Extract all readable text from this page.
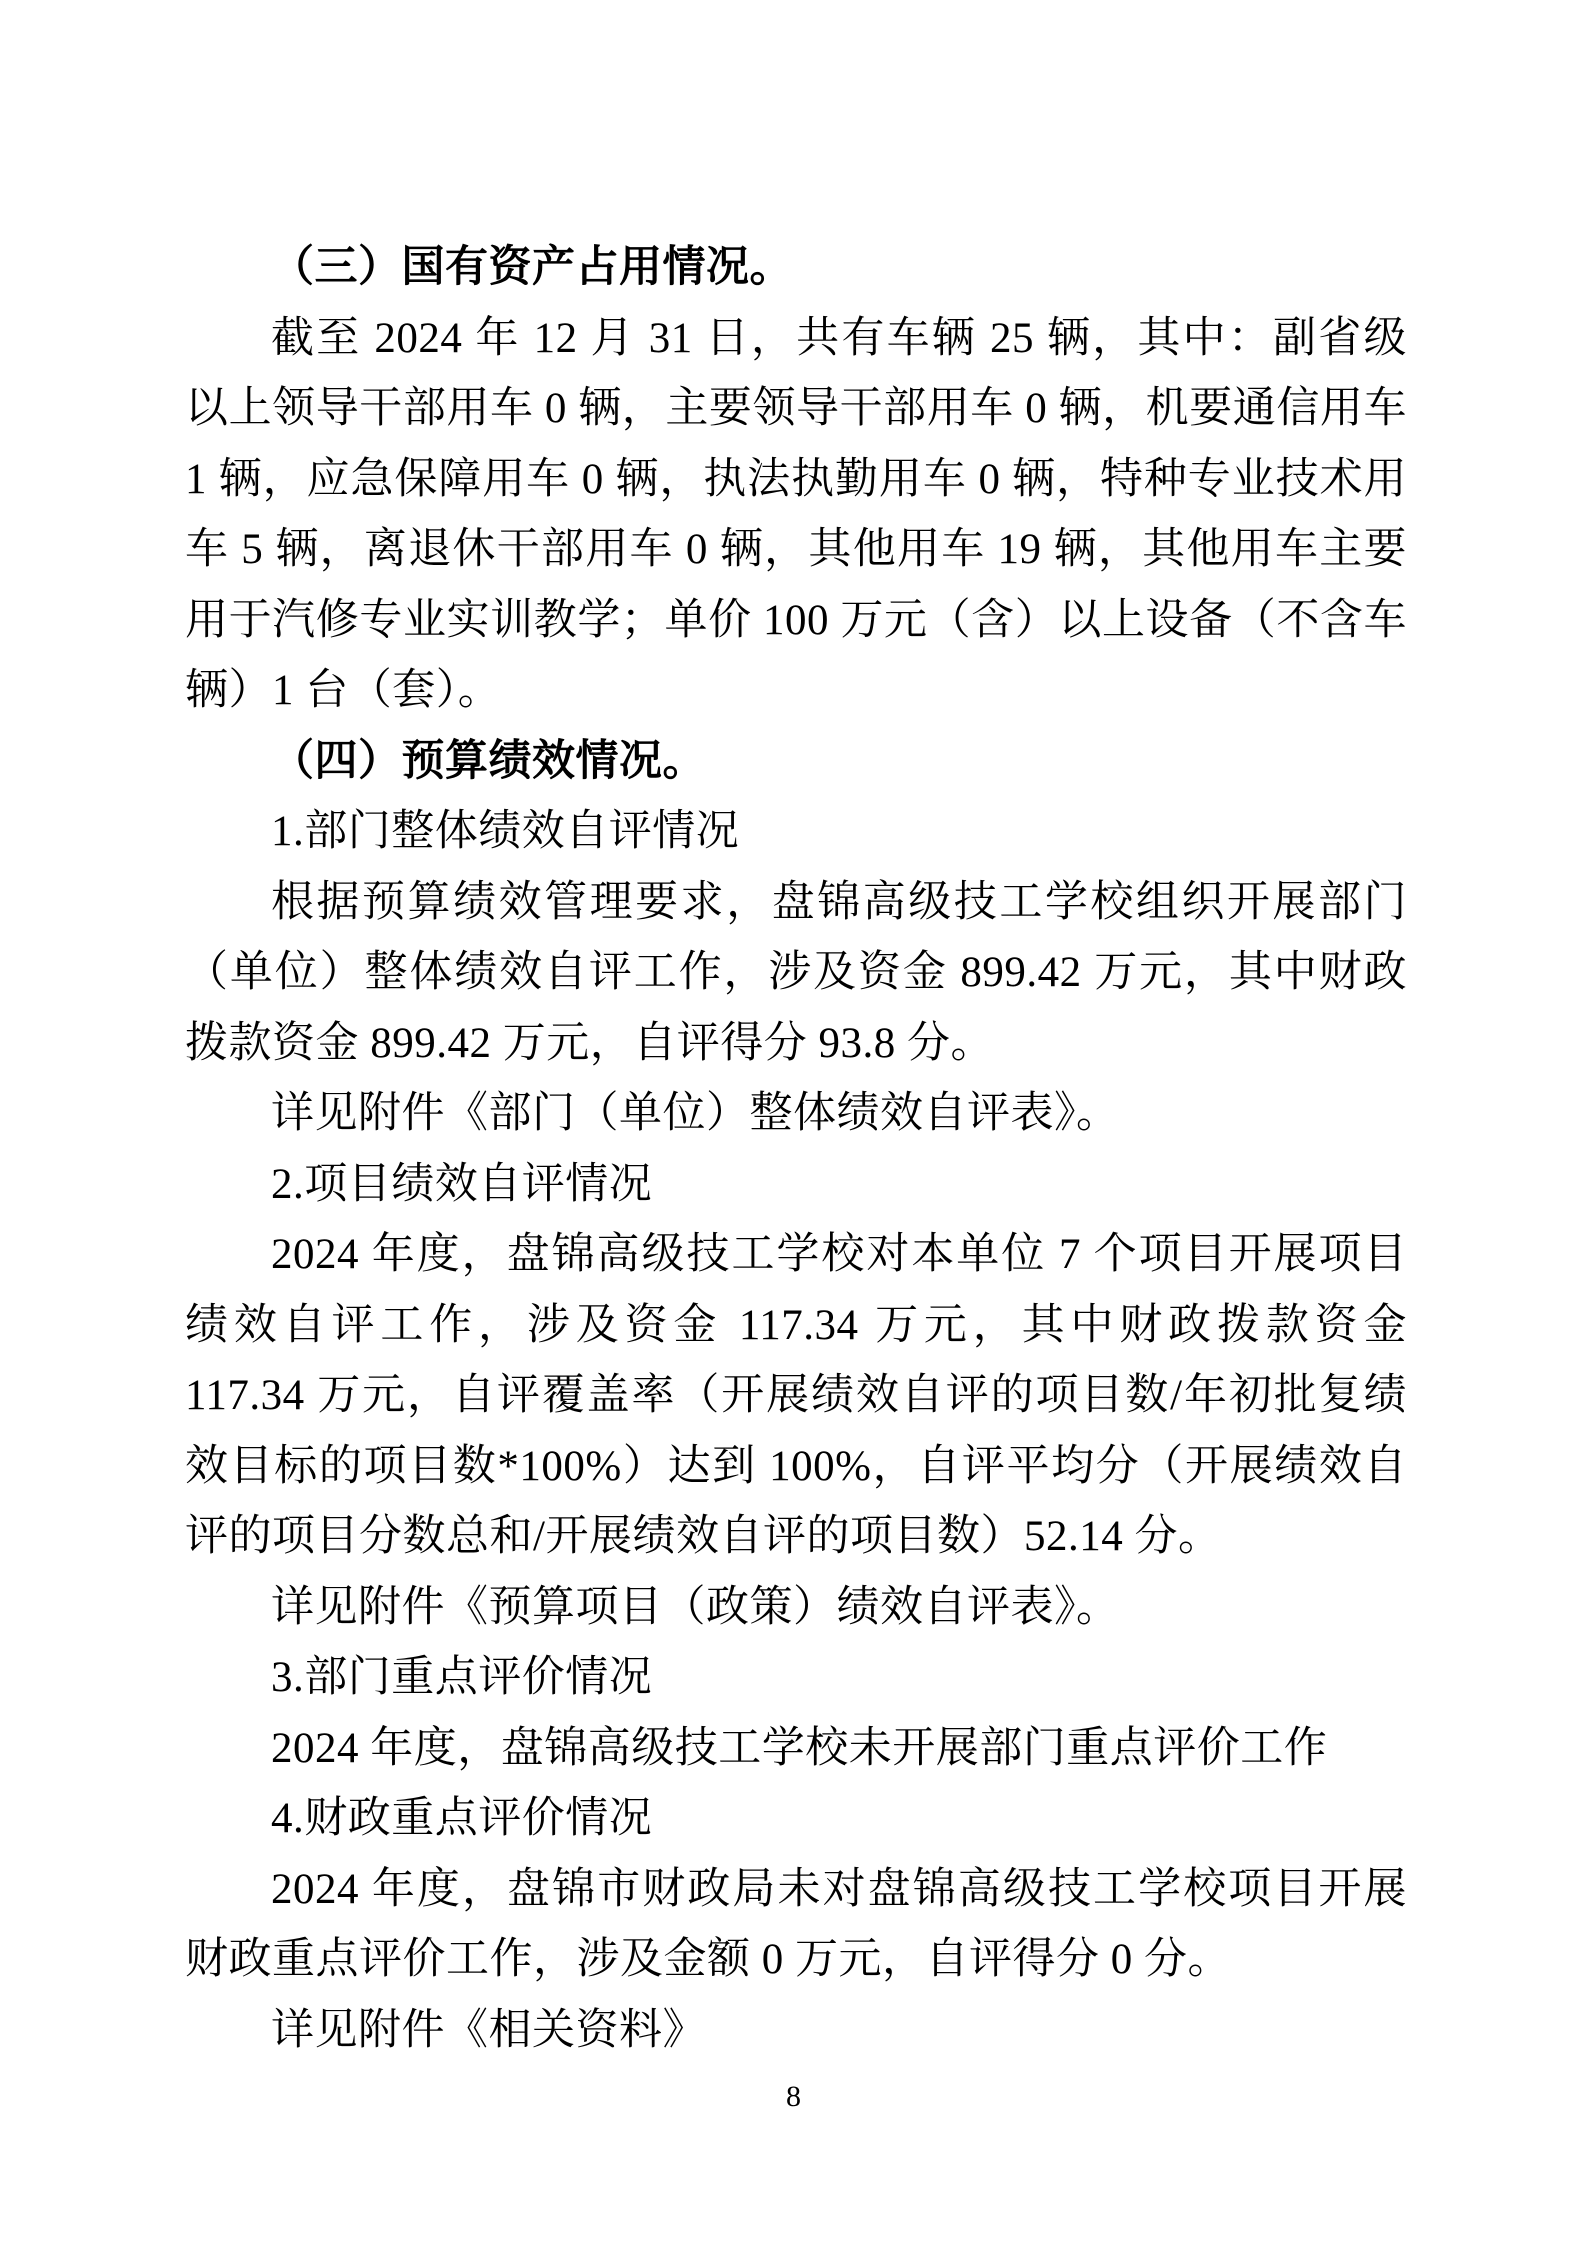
（三）国有资产占用情况。

截至 2024 年 12 月 31 日，共有车辆 25 辆，其中：副省级以上领导干部用车 0 辆，主要领导干部用车 0 辆，机要通信用车 1 辆，应急保障用车 0 辆，执法执勤用车 0 辆，特种专业技术用车 5 辆，离退休干部用车 0 辆，其他用车 19 辆，其他用车主要用于汽修专业实训教学；单价 100 万元（含）以上设备（不含车辆）1 台（套）。

（四）预算绩效情况。

1.部门整体绩效自评情况

根据预算绩效管理要求，盘锦高级技工学校组织开展部门（单位）整体绩效自评工作，涉及资金 899.42 万元，其中财政拨款资金 899.42 万元，自评得分 93.8 分。

详见附件《部门（单位）整体绩效自评表》。

2.项目绩效自评情况

2024 年度，盘锦高级技工学校对本单位 7 个项目开展项目绩效自评工作，涉及资金 117.34 万元，其中财政拨款资金 117.34 万元，自评覆盖率（开展绩效自评的项目数/年初批复绩效目标的项目数*100%）达到 100%，自评平均分（开展绩效自评的项目分数总和/开展绩效自评的项目数）52.14 分。

详见附件《预算项目（政策）绩效自评表》。

3.部门重点评价情况

2024 年度，盘锦高级技工学校未开展部门重点评价工作

4.财政重点评价情况

2024 年度，盘锦市财政局未对盘锦高级技工学校项目开展财政重点评价工作，涉及金额 0 万元，自评得分 0 分。

详见附件《相关资料》

8
